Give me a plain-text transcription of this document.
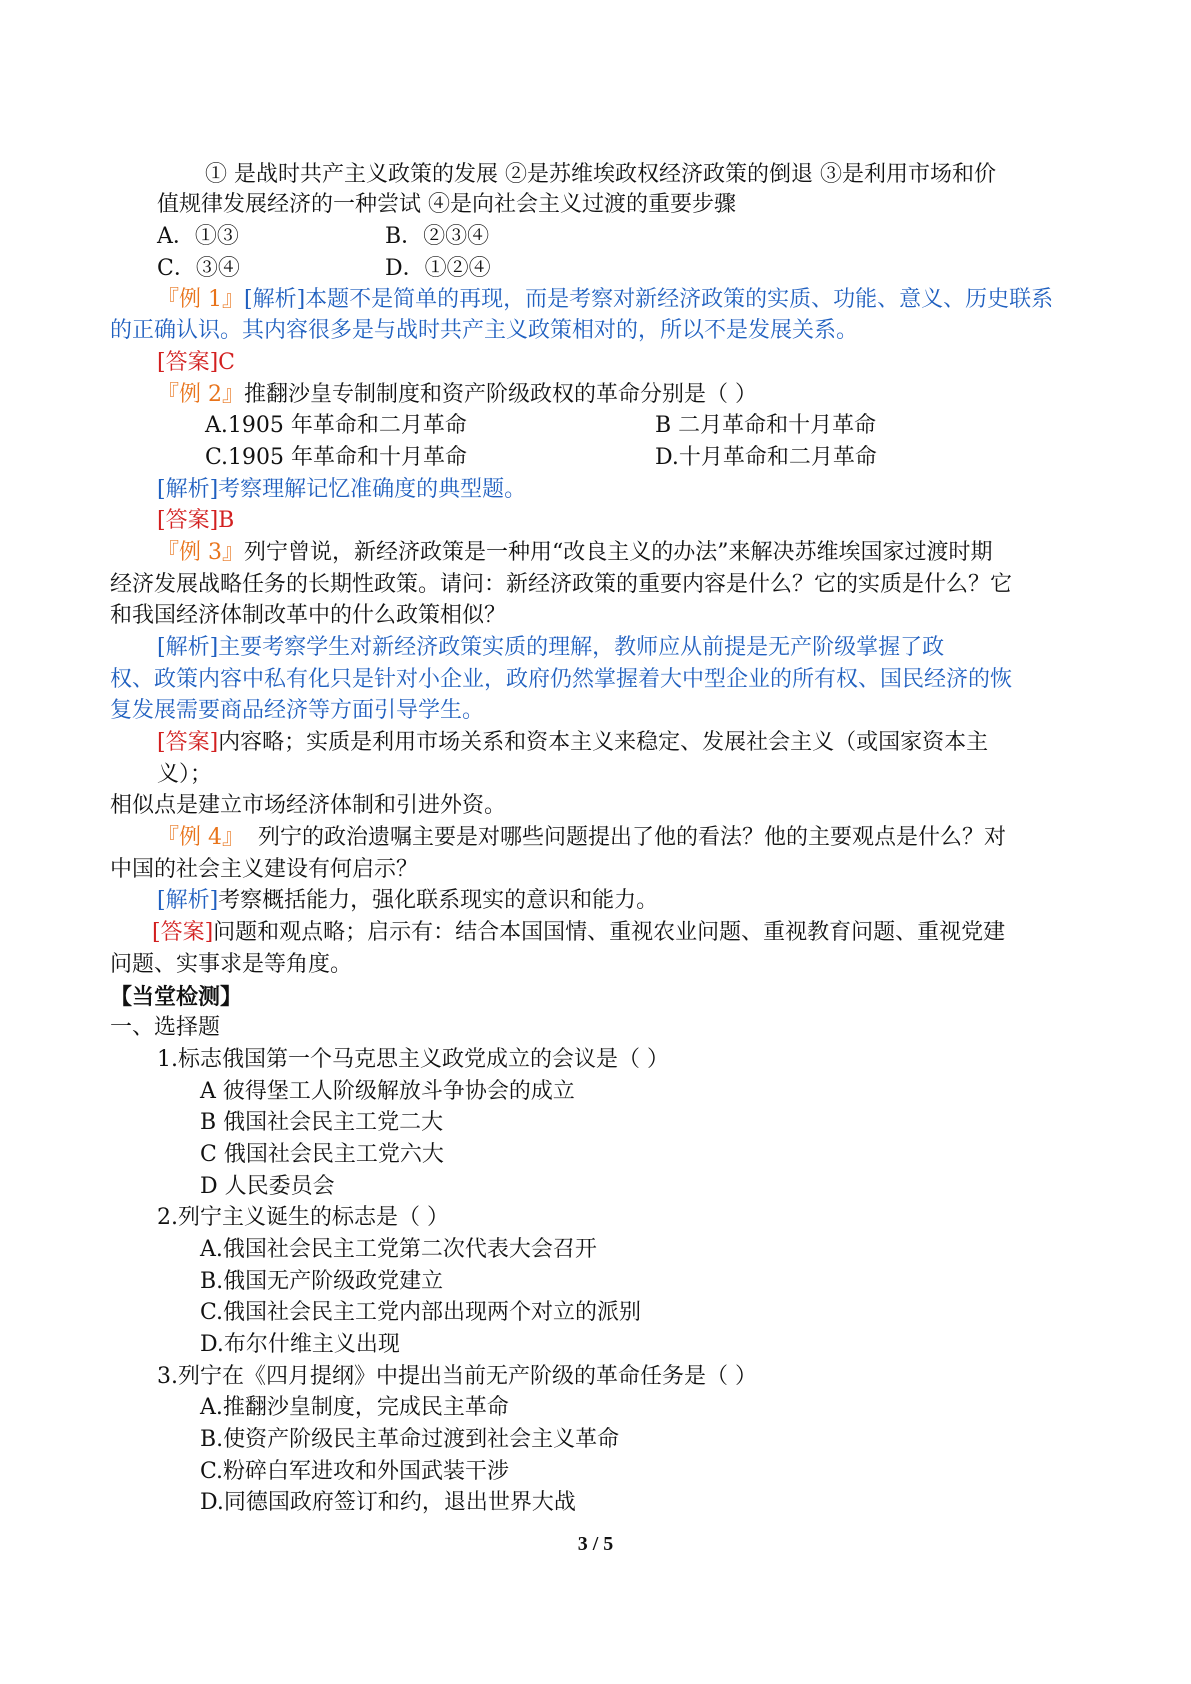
① 是战时共产主义政策的发展 ②是苏维埃政权经济政策的倒退 ③是利用市场和价
值规律发展经济的一种尝试 ④是向社会主义过渡的重要步骤
A．①③	B．②③④
C．③④	D．①②④
『例 1』[解析]本题不是简单的再现，而是考察对新经济政策的实质、功能、意义、历史联系
的正确认识。其内容很多是与战时共产主义政策相对的，所以不是发展关系。
[答案]C
『例 2』推翻沙皇专制制度和资产阶级政权的革命分别是（ ）
A.1905 年革命和二月革命	B 二月革命和十月革命
C.1905 年革命和十月革命	D.十月革命和二月革命
[解析]考察理解记忆准确度的典型题。
[答案]B
『例 3』列宁曾说，新经济政策是一种用“改良主义的办法”来解决苏维埃国家过渡时期
经济发展战略任务的长期性政策。请问：新经济政策的重要内容是什么？它的实质是什么？它
和我国经济体制改革中的什么政策相似？
[解析]主要考察学生对新经济政策实质的理解，教师应从前提是无产阶级掌握了政
权、政策内容中私有化只是针对小企业，政府仍然掌握着大中型企业的所有权、国民经济的恢
复发展需要商品经济等方面引导学生。
[答案]内容略；实质是利用市场关系和资本主义来稳定、发展社会主义（或国家资本主
义）；
相似点是建立市场经济体制和引进外资。
『例 4』  列宁的政治遗嘱主要是对哪些问题提出了他的看法？他的主要观点是什么？对
中国的社会主义建设有何启示？
[解析]考察概括能力，强化联系现实的意识和能力。
[答案]问题和观点略；启示有：结合本国国情、重视农业问题、重视教育问题、重视党建
问题、实事求是等角度。
【当堂检测】
一、选择题
1.标志俄国第一个马克思主义政党成立的会议是（ ）
A 彼得堡工人阶级解放斗争协会的成立
B 俄国社会民主工党二大
C 俄国社会民主工党六大
D 人民委员会
2.列宁主义诞生的标志是（ ）
A.俄国社会民主工党第二次代表大会召开
B.俄国无产阶级政党建立
C.俄国社会民主工党内部出现两个对立的派别
D.布尔什维主义出现
3.列宁在《四月提纲》中提出当前无产阶级的革命任务是（ ）
A.推翻沙皇制度，完成民主革命
B.使资产阶级民主革命过渡到社会主义革命
C.粉碎白军进攻和外国武装干涉
D.同德国政府签订和约，退出世界大战
3 / 5
